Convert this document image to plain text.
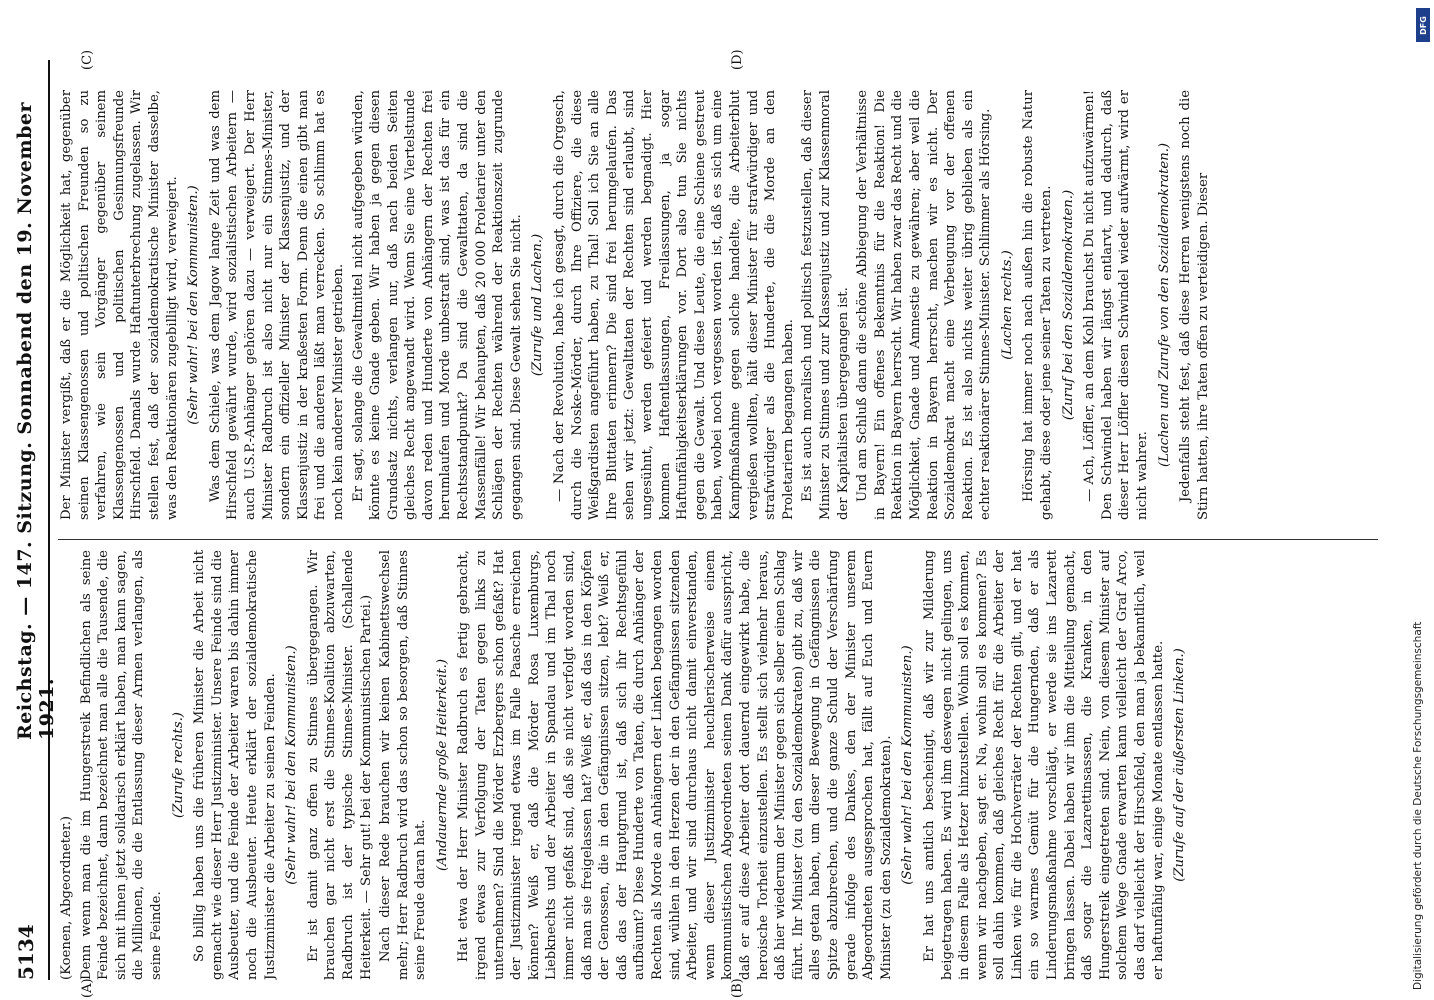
5134
Reichstag. — 147. Sitzung. Sonnabend den 19. November 1921.
(A)	(B)
(C)	(D)

(Koenen, Abgeordneter.) Denn wenn man die im Hungerstreik Befindlichen als seine Feinde bezeichnet, dann bezeichnet man alle die Tausende, die sich mit ihnen jetzt solidarisch erklärt haben, man kann sagen, die Millionen, die die Entlassung dieser Armen verlangen, als seine Feinde.

(Zurufe rechts.) So billig haben uns die früheren Minister die Arbeit nicht gemacht wie dieser Herr Justizminister. Unsere Feinde sind die Ausbeuter, und die Feinde der Arbeiter waren bis dahin immer noch die Ausbeuter. Heute erklärt der sozialdemokratische Justizminister die Arbeiter zu seinen Feinden. (Sehr wahr! bei den Kommunisten.) Er ist damit ganz offen zu Stinnes übergegangen. Wir brauchen gar nicht erst die Stinnes-Koalition abzuwarten, Radbruch ist der typische Stinnes-Minister. (Schallende Heiterkeit. — Sehr gut! bei der Kommunistischen Partei.) Nach dieser Rede brauchen wir keinen Kabinettswechsel mehr; Herr Radbruch wird das schon so besorgen, daß Stinnes seine Freude daran hat.

(Andauernde große Heiterkeit.) Hat etwa der Herr Minister Radbruch es fertig gebracht, irgend etwas zur Verfolgung der Taten gegen links zu unternehmen? Sind die Mörder Erzbergers schon gefaßt? Hat der Justizminister irgend etwas im Falle Paasche erreichen können? Weiß er, daß die Mörder Rosa Luxemburgs, Liebknechts und der Arbeiter in Spandau und im Thal noch immer nicht gefaßt sind, daß sie nicht verfolgt worden sind, daß man sie freigelassen hat? Weiß er, daß das in den Köpfen der Genossen, die in den Gefängnissen sitzen, lebt? Weiß er, daß das der Hauptgrund ist, daß sich ihr Rechtsgefühl aufbäumt? Diese Hunderte von Taten, die durch Anhänger der Rechten als Morde an Anhängern der Linken begangen worden sind, wühlen in den Herzen der in den Gefängnissen sitzenden Arbeiter, und wir sind durchaus nicht damit einverstanden, wenn dieser Justizminister heuchlerischerweise einem kommunistischen Abgeordneten seinen Dank dafür ausspricht, daß er auf diese Arbeiter dort dauernd eingewirkt habe, die heroische Torheit einzustellen. Es stellt sich vielmehr heraus, daß hier wiederum der Minister gegen sich selber einen Schlag führt. Ihr Minister (zu den Sozialdemokraten) gibt zu, daß wir alles getan haben, um dieser Bewegung in Gefängnissen die Spitze abzubrechen, und die ganze Schuld der Verschärfung gerade infolge des Dankes, den der Minister unserem Abgeordneten ausgesprochen hat, fällt auf Euch und Euern Minister (zu den Sozialdemokraten). (Sehr wahr! bei den Kommunisten.) Er hat uns amtlich bescheinigt, daß wir zur Milderung beigetragen haben. Es wird ihm deswegen nicht gelingen, uns in diesem Falle als Hetzer hinzustellen. Wohin soll es kommen, wenn wir nachgeben, sagt er. Na, wohin soll es kommen? Es soll dahin kommen, daß gleiches Recht für die Arbeiter der Linken wie für die Hochverräter der Rechten gilt, und er hat ein so warmes Gemüt für die Hungernden, daß er als Linderungsmaßnahme vorschlägt, er werde sie ins Lazarett bringen lassen. Dabei haben wir ihm die Mitteilung gemacht, daß sogar die Lazarettinsassen, die Kranken, in den Hungerstreik eingetreten sind. Nein, von diesem Minister auf solchem Wege Gnade erwarten kann vielleicht der Graf Arco, das darf vielleicht der Hirschfeld, den man ja bekanntlich, weil er haftunfähig war, einige Monate entlassen hatte. (Zurufe auf der äußersten Linken.)

Der Minister vergißt, daß er die Möglichkeit hat, gegenüber seinen Klassengenossen und politischen Freunden so zu verfahren, wie sein Vorgänger gegenüber seinem Klassengenossen und politischen Gesinnungsfreunde Hirschfeld. Damals wurde Haftunterbrechung zugelassen. Wir stellen fest, daß der sozialdemokratische Minister dasselbe, was den Reaktionären zugebilligt wird, verweigert. (Sehr wahr! bei den Kommunisten.) Was dem Schiele, was dem Jagow lange Zeit und was dem Hirschfeld gewährt wurde, wird sozialistischen Arbeitern — auch U.S.P.-Anhänger gehören dazu — verweigert. Der Herr Minister Radbruch ist also nicht nur ein Stinnes-Minister, sondern ein offizieller Minister der Klassenjustiz, und der Klassenjustiz in der kraßesten Form. Denn die einen gibt man frei und die anderen läßt man verrecken. So schlimm hat es noch kein anderer Minister getrieben. Er sagt, solange die Gewaltmittel nicht aufgegeben würden, könnte es keine Gnade geben. Wir haben ja gegen diesen Grundsatz nichts, verlangen nur, daß nach beiden Seiten gleiches Recht angewandt wird. Wenn Sie eine Viertelstunde davon reden und Hunderte von Anhängern der Rechten frei herumlaufen und Morde unbestraft sind, was ist das für ein Rechtsstandpunkt? Da sind die Gewalttaten, da sind die Massenfälle! Wir behaupten, daß 20 000 Proletarier unter den Schlägen der Rechten während der Reaktionszeit zugrunde gegangen sind. Diese Gewalt sehen Sie nicht. (Zurufe und Lachen.) — Nach der Revolution, habe ich gesagt, durch die Orgesch, durch die Noske-Mörder, durch Ihre Offiziere, die diese Weißgardisten angeführt haben, zu Thal! Soll ich Sie an alle Ihre Bluttaten erinnern? Die sind frei herumgelaufen. Das sehen wir jetzt: Gewalttaten der Rechten sind erlaubt, sind ungesühnt, werden gefeiert und werden begnadigt. Hier kommen Haftentlassungen, Freilassungen, ja sogar Haftunfähigkeitserklärungen vor. Dort also tun Sie nichts gegen die Gewalt. Und diese Leute, die eine Schiene gestreut haben, wobei noch vergessen worden ist, daß es sich um eine Kampfmaßnahme gegen solche handelte, die Arbeiterblut vergießen wollten, hält dieser Minister für strafwürdiger und strafwürdiger als die Hunderte, die die Morde an den Proletariern begangen haben. Es ist auch moralisch und politisch festzustellen, daß dieser Minister zu Stinnes und zur Klassenjustiz und zur Klassenmoral der Kapitalisten übergegangen ist. Und am Schluß dann die schöne Abbiegung der Verhältnisse in Bayern! Ein offenes Bekenntnis für die Reaktion! Die Reaktion in Bayern herrscht. Wir haben zwar das Recht und die Möglichkeit, Gnade und Amnestie zu gewähren; aber weil die Reaktion in Bayern herrscht, machen wir es nicht. Der Sozialdemokrat macht eine Verbeugung vor der offenen Reaktion. Es ist also nichts weiter übrig geblieben als ein echter reaktionärer Stinnes-Minister. Schlimmer als Hörsing. (Lachen rechts.) Hörsing hat immer noch nach außen hin die robuste Natur gehabt, diese oder jene seiner Taten zu vertreten. (Zuruf bei den Sozialdemokraten.) — Ach, Löffler, an dem Kohl brauchst Du nicht aufzuwärmen! Den Schwindel haben wir längst entlarvt, und dadurch, daß dieser Herr Löffler diesen Schwindel wieder aufwärmt, wird er nicht wahrer.

(Lachen und Zurufe von den Sozialdemokraten.) Jedenfalls steht fest, daß diese Herren wenigstens noch die Stirn hatten, ihre Taten offen zu verteidigen. Dieser

DFG
Digitalisierung gefördert durch die Deutsche Forschungsgemeinschaft
